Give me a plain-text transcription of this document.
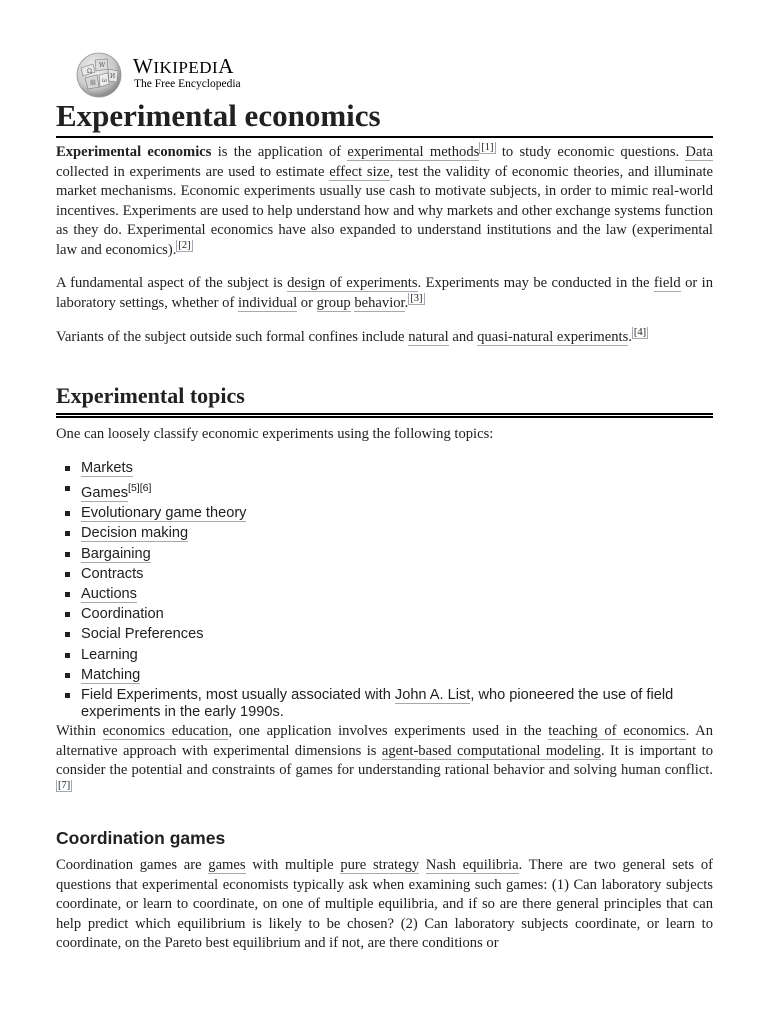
Ω
W
И
維 ω
WIKIPEDIA
The Free Encyclopedia
Experimental economics

Experimental economics is the application of experimental methods [1] to study economic questions. Data collected in experiments are used to estimate effect size, test the validity of economic theories, and illuminate market mechanisms. Economic experiments usually use cash to motivate subjects, in order to mimic real-world incentives. Experiments are used to help understand how and why markets and other exchange systems function as they do. Experimental economics have also expanded to understand institutions and the law (experimental law and economics). [2]

A fundamental aspect of the subject is design of experiments. Experiments may be conducted in the field or in laboratory settings, whether of individual or group behavior. [3]

Variants of the subject outside such formal confines include natural and quasi-natural experiments. [4]

Experimental topics

One can loosely classify economic experiments using the following topics:

Markets
Games[5][6]
Evolutionary game theory
Decision making
Bargaining
Contracts
Auctions
Coordination
Social Preferences
Learning
Matching
Field Experiments, most usually associated with John A. List, who pioneered the use of field experiments in the early 1990s.

Within economics education, one application involves experiments used in the teaching of economics. An alternative approach with experimental dimensions is agent-based computational modeling. It is important to consider the potential and constraints of games for understanding rational behavior and solving human conflict.[7]

Coordination games

Coordination games are games with multiple pure strategy Nash equilibria. There are two general sets of questions that experimental economists typically ask when examining such games: (1) Can laboratory subjects coordinate, or learn to coordinate, on one of multiple equilibria, and if so are there general principles that can help predict which equilibrium is likely to be chosen? (2) Can laboratory subjects coordinate, or learn to coordinate, on the Pareto best equilibrium and if not, are there conditions or
